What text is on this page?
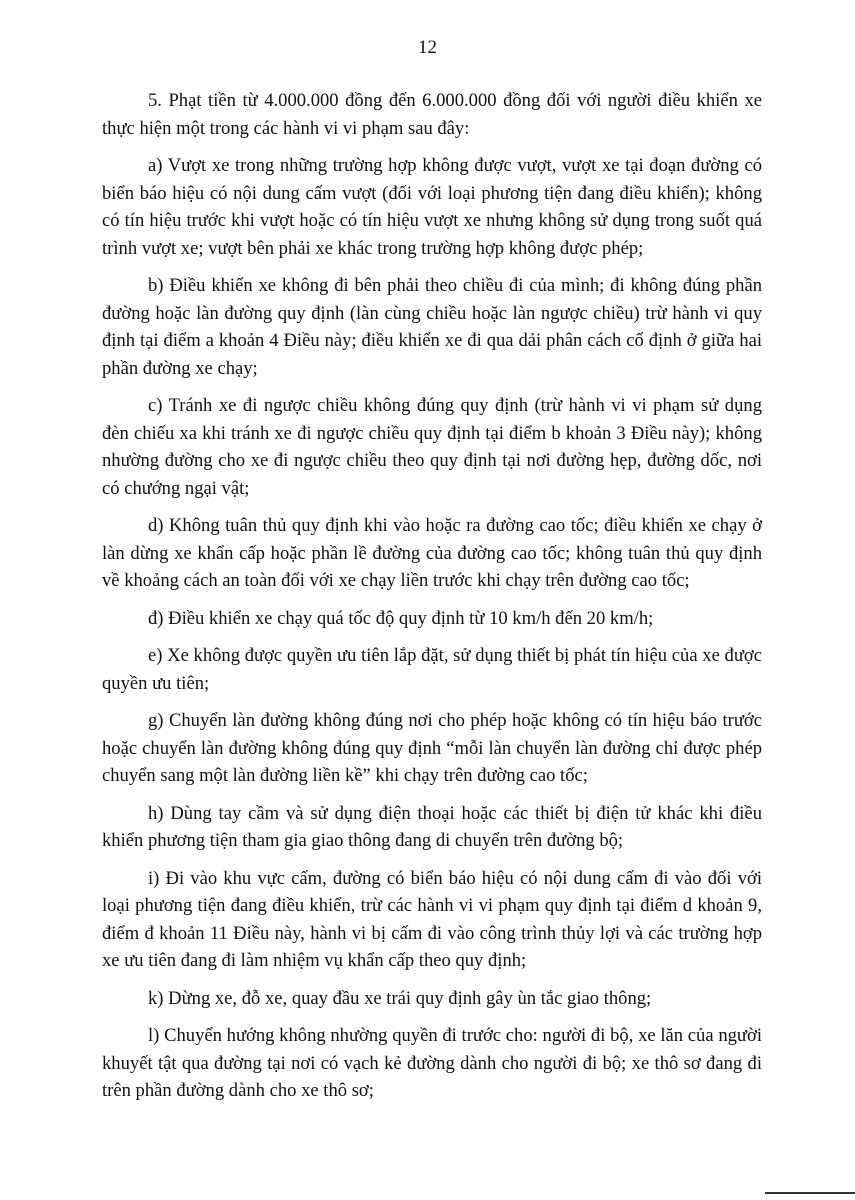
12

5. Phạt tiền từ 4.000.000 đồng đến 6.000.000 đồng đối với người điều khiển xe thực hiện một trong các hành vi vi phạm sau đây:

a) Vượt xe trong những trường hợp không được vượt, vượt xe tại đoạn đường có biển báo hiệu có nội dung cấm vượt (đối với loại phương tiện đang điều khiển); không có tín hiệu trước khi vượt hoặc có tín hiệu vượt xe nhưng không sử dụng trong suốt quá trình vượt xe; vượt bên phải xe khác trong trường hợp không được phép;

b) Điều khiển xe không đi bên phải theo chiều đi của mình; đi không đúng phần đường hoặc làn đường quy định (làn cùng chiều hoặc làn ngược chiều) trừ hành vi quy định tại điểm a khoản 4 Điều này; điều khiển xe đi qua dải phân cách cố định ở giữa hai phần đường xe chạy;

c) Tránh xe đi ngược chiều không đúng quy định (trừ hành vi vi phạm sử dụng đèn chiếu xa khi tránh xe đi ngược chiều quy định tại điểm b khoản 3 Điều này); không nhường đường cho xe đi ngược chiều theo quy định tại nơi đường hẹp, đường dốc, nơi có chướng ngại vật;

d) Không tuân thủ quy định khi vào hoặc ra đường cao tốc; điều khiển xe chạy ở làn dừng xe khẩn cấp hoặc phần lề đường của đường cao tốc; không tuân thủ quy định về khoảng cách an toàn đối với xe chạy liền trước khi chạy trên đường cao tốc;

đ) Điều khiển xe chạy quá tốc độ quy định từ 10 km/h đến 20 km/h;

e) Xe không được quyền ưu tiên lắp đặt, sử dụng thiết bị phát tín hiệu của xe được quyền ưu tiên;

g) Chuyển làn đường không đúng nơi cho phép hoặc không có tín hiệu báo trước hoặc chuyển làn đường không đúng quy định “mỗi làn chuyển làn đường chỉ được phép chuyển sang một làn đường liền kề” khi chạy trên đường cao tốc;

h) Dùng tay cầm và sử dụng điện thoại hoặc các thiết bị điện tử khác khi điều khiển phương tiện tham gia giao thông đang di chuyển trên đường bộ;

i) Đi vào khu vực cấm, đường có biển báo hiệu có nội dung cấm đi vào đối với loại phương tiện đang điều khiển, trừ các hành vi vi phạm quy định tại điểm d khoản 9, điểm đ khoản 11 Điều này, hành vi bị cấm đi vào công trình thủy lợi và các trường hợp xe ưu tiên đang đi làm nhiệm vụ khẩn cấp theo quy định;

k) Dừng xe, đỗ xe, quay đầu xe trái quy định gây ùn tắc giao thông;

l) Chuyển hướng không nhường quyền đi trước cho: người đi bộ, xe lăn của người khuyết tật qua đường tại nơi có vạch kẻ đường dành cho người đi bộ; xe thô sơ đang đi trên phần đường dành cho xe thô sơ;
